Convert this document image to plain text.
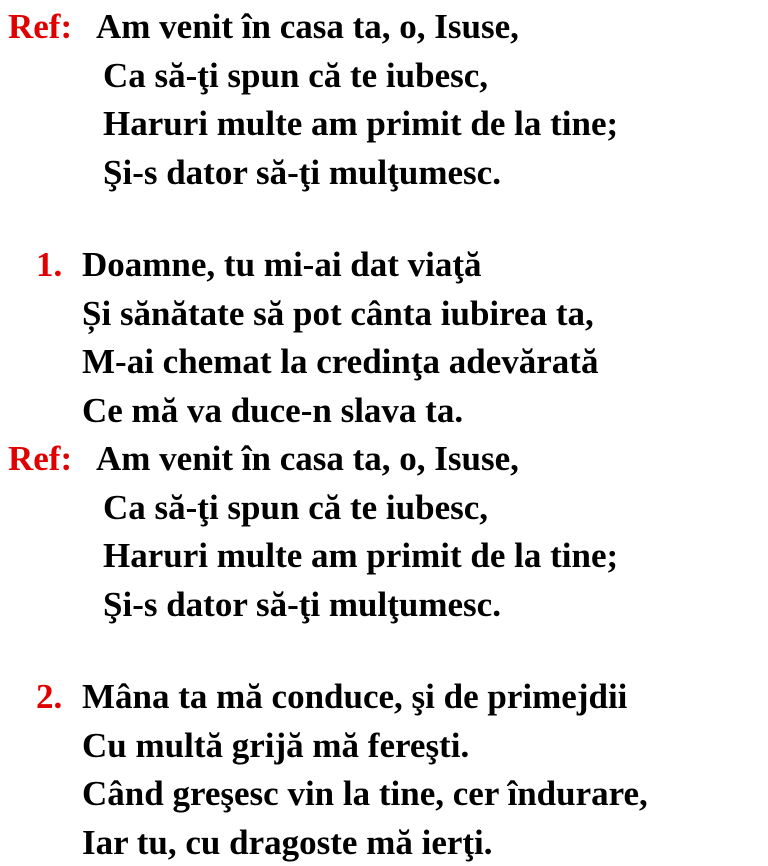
Ref: Am venit în casa ta, o, Isuse,
Ca să-ţi spun că te iubesc,
Haruri multe am primit de la tine;
Şi-s dator să-ţi mulţumesc.
1. Doamne, tu mi-ai dat viaţă
Și sănătate să pot cânta iubirea ta,
M-ai chemat la credinţa adevărată
Ce mă va duce-n slava ta.
Ref: Am venit în casa ta, o, Isuse,
Ca să-ţi spun că te iubesc,
Haruri multe am primit de la tine;
Şi-s dator să-ţi mulţumesc.
2. Mâna ta mă conduce, şi de primejdii
Cu multă grijă mă fereşti.
Când greşesc vin la tine, cer îndurare,
Iar tu, cu dragoste mă ierţi.
